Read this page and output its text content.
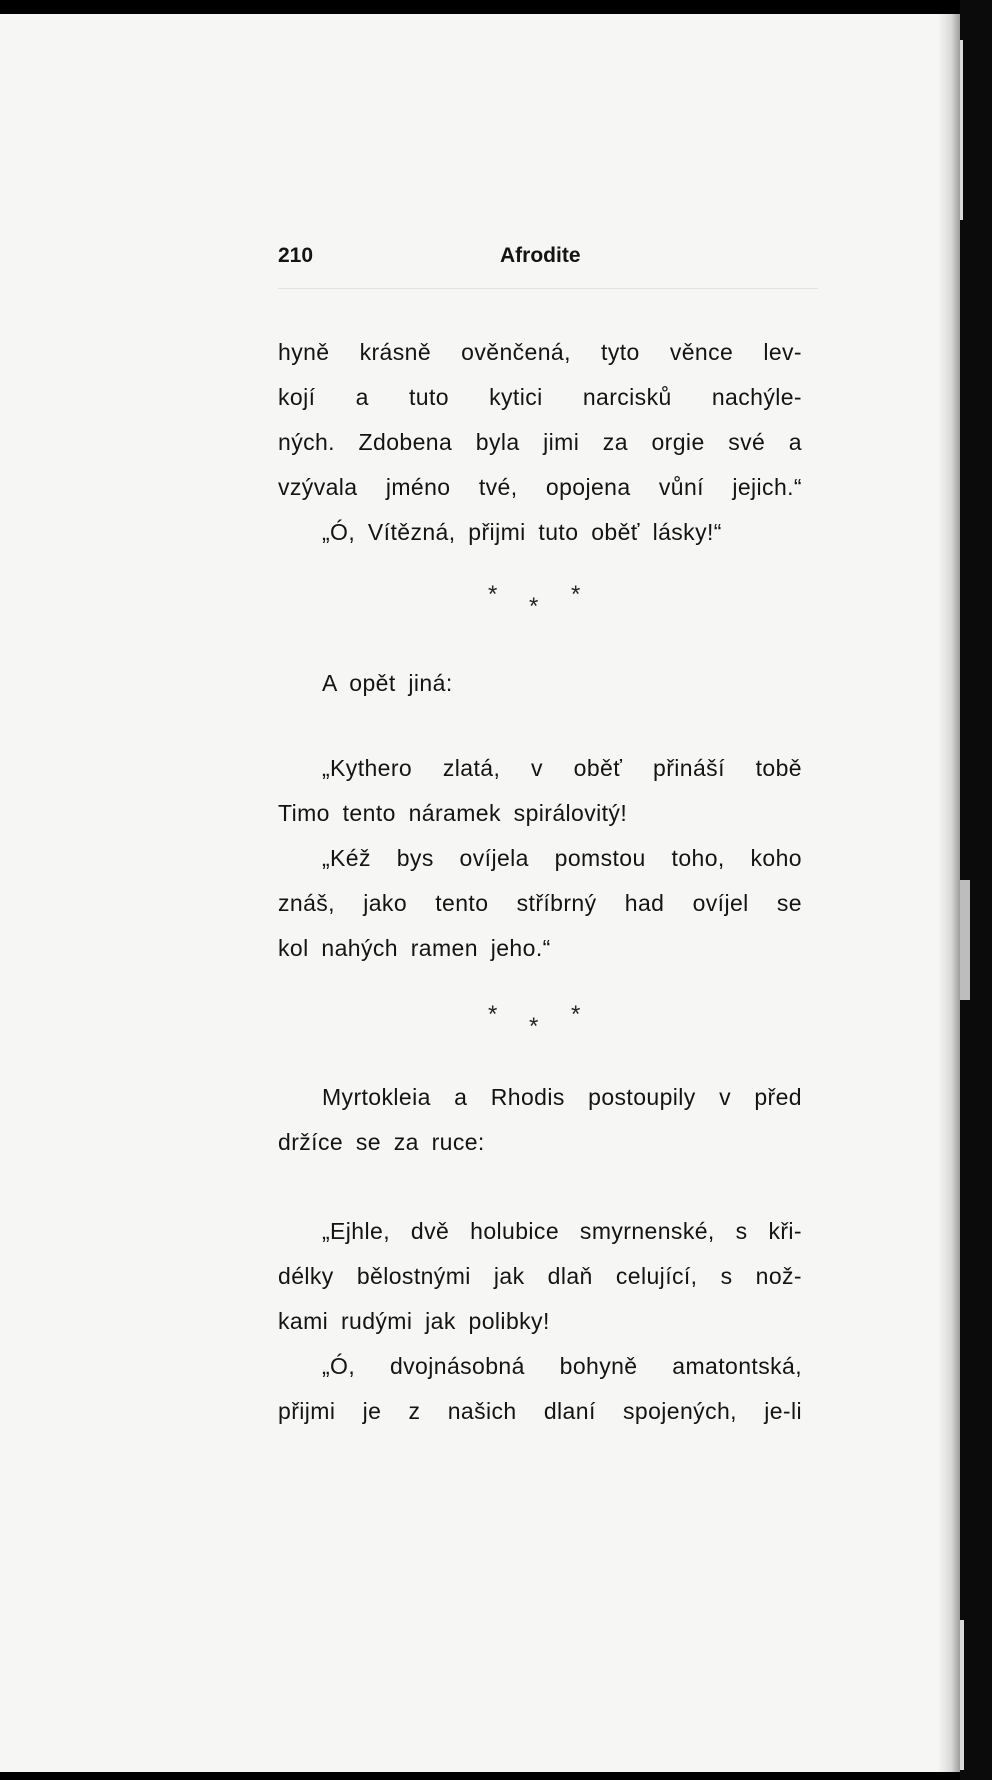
210	Afrodite

hyně krásně ověnčená, tyto věnce lev-
kojí a tuto kytici narcisků nachýle-
ných. Zdobena byla jimi za orgie své a
vzývala jméno tvé, opojena vůní jejich.“

„Ó, Vítězná, přijmi tuto oběť lásky!“

* * *

A opět jiná:

„Kythero zlatá, v oběť přináší tobě
Timo tento náramek spirálovitý!

„Kéž bys ovíjela pomstou toho, koho
znáš, jako tento stříbrný had ovíjel se
kol nahých ramen jeho.“

* * *

Myrtokleia a Rhodis postoupily v před
držíce se za ruce:

„Ejhle, dvě holubice smyrnenské, s kři-
délky bělostnými jak dlaň celující, s nož-
kami rudými jak polibky!

„Ó, dvojnásobná bohyně amatontská,
přijmi je z našich dlaní spojených, je-li
